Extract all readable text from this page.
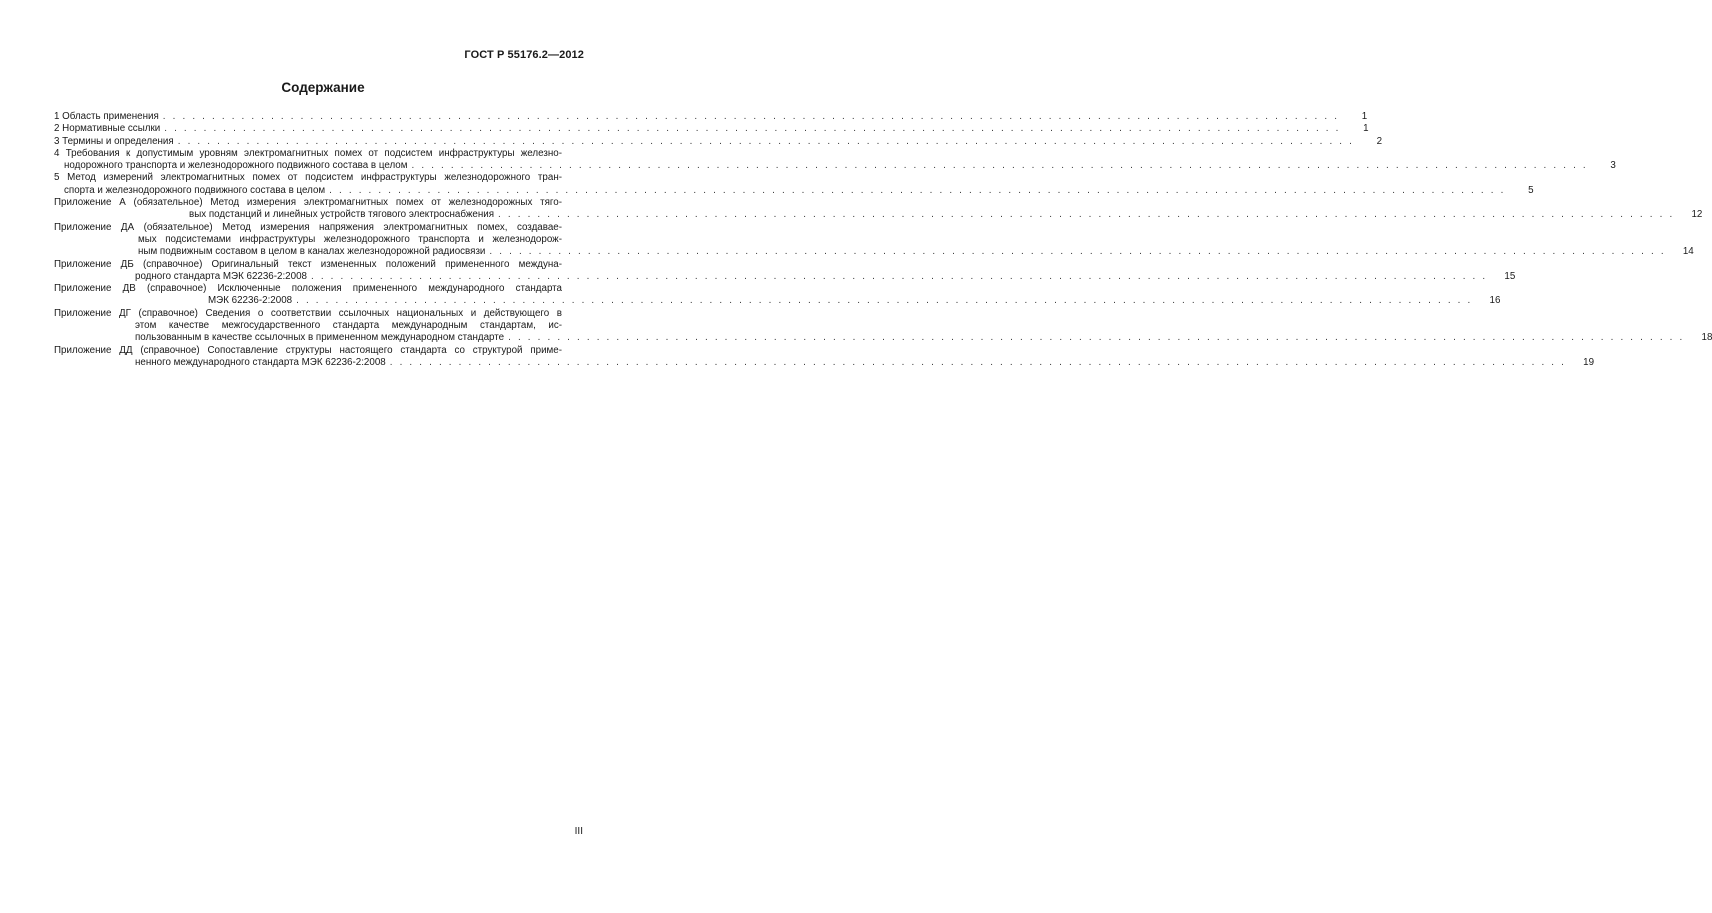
ГОСТ Р 55176.2—2012
Содержание
1 Область применения . . . . . . . . . . . . . . . . . . . . . . . . . . . . . . . . . . . . . . . . . . . . . . . . . . . . . . . . . . . . . . . . . . . . . . . . . . . . . . . . . . . . . . . . . . . . . . . . . . . . . . . . . . . . . . . . . . . . . . . .	1
2 Нормативные ссылки . . . . . . . . . . . . . . . . . . . . . . . . . . . . . . . . . . . . . . . . . . . . . . . . . . . . . . . . . . . . . . . . . . . . . . . . . . . . . . . . . . . . . . . . . . . . . . . . . . . . . . . . . . . . . . . . . . . . . . . .	1
3 Термины и определения . . . . . . . . . . . . . . . . . . . . . . . . . . . . . . . . . . . . . . . . . . . . . . . . . . . . . . . . . . . . . . . . . . . . . . . . . . . . . . . . . . . . . . . . . . . . . . . . . . . . . . . . . . . . . . . . . . . . . . . .	2
4 Требования к допустимым уровням электромагнитных помех от подсистем инфраструктуры железно-
нодорожного транспорта и железнодорожного подвижного состава в целом . . . . . . . . . . . . . . . . . . . . . . . . . . . . . . . . . . . . . . . . . . . . . . . . . . . . . . . . . . . . . . . . . . . . . . . . . . . . . . . . . . . . . . . . . . . . . . . . . . . . . . . . . . . . . . . . . . . . . . . .	3
5 Метод измерений электромагнитных помех от подсистем инфраструктуры железнодорожного тран-
спорта и железнодорожного подвижного состава в целом . . . . . . . . . . . . . . . . . . . . . . . . . . . . . . . . . . . . . . . . . . . . . . . . . . . . . . . . . . . . . . . . . . . . . . . . . . . . . . . . . . . . . . . . . . . . . . . . . . . . . . . . . . . . . . . . . . . . . . . .	5
Приложение А (обязательное) Метод измерения электромагнитных помех от железнодорожных тяго-
вых подстанций и линейных устройств тягового электроснабжения . . . . . . . . . . . . . . . . . . . . . . . . . . . . . . . . . . . . . . . . . . . . . . . . . . . . . . . . . . . . . . . . . . . . . . . . . . . . . . . . . . . . . . . . . . . . . . . . . . . . . . . . . . . . . . . . . . . . . . . .	12
Приложение ДА (обязательное) Метод измерения напряжения электромагнитных помех, создавае-
мых подсистемами инфраструктуры железнодорожного транспорта и железнодорож-
ным подвижным составом в целом в каналах железнодорожной радиосвязи . . . . . . . . . . . . . . . . . . . . . . . . . . . . . . . . . . . . . . . . . . . . . . . . . . . . . . . . . . . . . . . . . . . . . . . . . . . . . . . . . . . . . . . . . . . . . . . . . . . . . . . . . . . . . . . . . . . . . . . .	14
Приложение ДБ (справочное) Оригинальный текст измененных положений примененного междуна-
родного стандарта МЭК 62236-2:2008 . . . . . . . . . . . . . . . . . . . . . . . . . . . . . . . . . . . . . . . . . . . . . . . . . . . . . . . . . . . . . . . . . . . . . . . . . . . . . . . . . . . . . . . . . . . . . . . . . . . . . . . . . . . . . . . . . . . . . . . .	15
Приложение ДВ (справочное) Исключенные положения примененного международного стандарта
МЭК 62236-2:2008 . . . . . . . . . . . . . . . . . . . . . . . . . . . . . . . . . . . . . . . . . . . . . . . . . . . . . . . . . . . . . . . . . . . . . . . . . . . . . . . . . . . . . . . . . . . . . . . . . . . . . . . . . . . . . . . . . . . . . . . .	16
Приложение ДГ (справочное) Сведения о соответствии ссылочных национальных и действующего в
этом качестве межгосударственного стандарта международным стандартам, ис-
пользованным в качестве ссылочных в примененном международном стандарте . . . . . . . . . . . . . . . . . . . . . . . . . . . . . . . . . . . . . . . . . . . . . . . . . . . . . . . . . . . . . . . . . . . . . . . . . . . . . . . . . . . . . . . . . . . . . . . . . . . . . . . . . . . . . . . . . . . . . . . .	18
Приложение ДД (справочное) Сопоставление структуры настоящего стандарта со структурой приме-
ненного международного стандарта МЭК 62236-2:2008 . . . . . . . . . . . . . . . . . . . . . . . . . . . . . . . . . . . . . . . . . . . . . . . . . . . . . . . . . . . . . . . . . . . . . . . . . . . . . . . . . . . . . . . . . . . . . . . . . . . . . . . . . . . . . . . . . . . . . . . .	19
III
